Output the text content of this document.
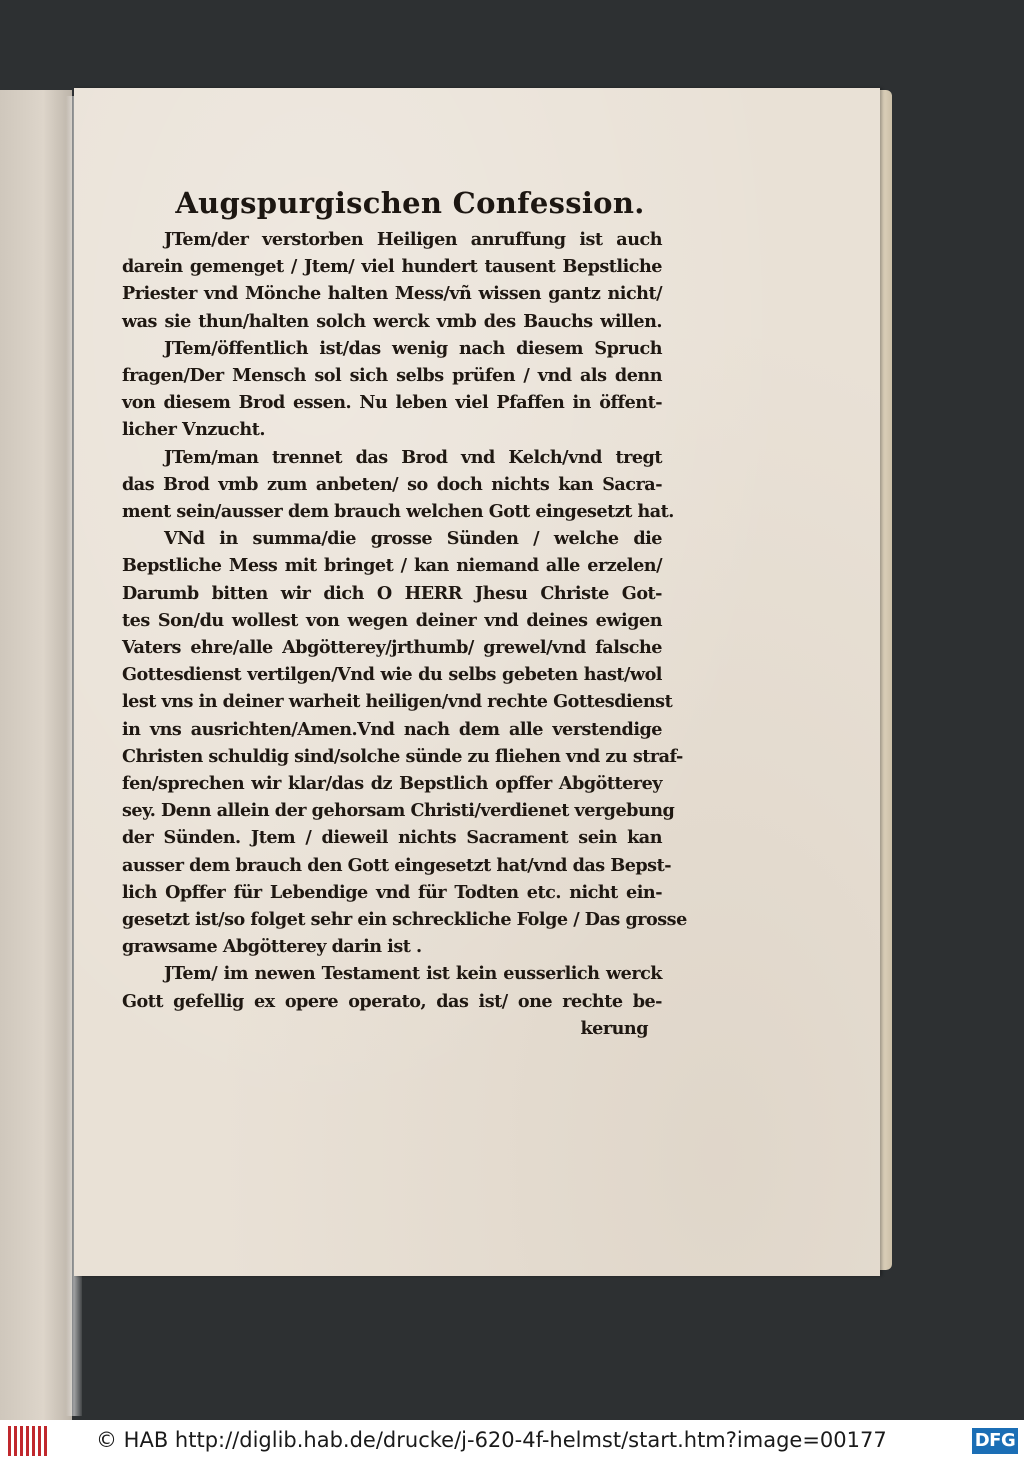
Augspurgischen Confession.
JTem/der verstorben Heiligen anruffung ist auch
darein gemenget / Jtem/ viel hundert tausent Bepstliche
Priester vnd Mönche halten Mess/vñ wissen gantz nicht/
was sie thun/halten solch werck vmb des Bauchs willen.
JTem/öffentlich ist/das wenig nach diesem Spruch
fragen/Der Mensch sol sich selbs prüfen / vnd als denn
von diesem Brod essen. Nu leben viel Pfaffen in öffent-
licher Vnzucht.
JTem/man trennet das Brod vnd Kelch/vnd tregt
das Brod vmb zum anbeten/ so doch nichts kan Sacra-
ment sein/ausser dem brauch welchen Gott eingesetzt hat.
VNd in summa/die grosse Sünden / welche die
Bepstliche Mess mit bringet / kan niemand alle erzelen/
Darumb bitten wir dich O HERR Jhesu Christe Got-
tes Son/du wollest von wegen deiner vnd deines ewigen
Vaters ehre/alle Abgötterey/jrthumb/ grewel/vnd falsche
Gottesdienst vertilgen/Vnd wie du selbs gebeten hast/wol
lest vns in deiner warheit heiligen/vnd rechte Gottesdienst
in vns ausrichten/Amen.Vnd nach dem alle verstendige
Christen schuldig sind/solche sünde zu fliehen vnd zu straf-
fen/sprechen wir klar/das dz Bepstlich opffer Abgötterey
sey. Denn allein der gehorsam Christi/verdienet vergebung
der Sünden. Jtem / dieweil nichts Sacrament sein kan
ausser dem brauch den Gott eingesetzt hat/vnd das Bepst-
lich Opffer für Lebendige vnd für Todten etc. nicht ein-
gesetzt ist/so folget sehr ein schreckliche Folge / Das grosse
grawsame Abgötterey darin ist .
JTem/ im newen Testament ist kein eusserlich werck
Gott gefellig ex opere operato, das ist/ one rechte be-
kerung
© HAB http://diglib.hab.de/drucke/j-620-4f-helmst/start.htm?image=00177	DFG
